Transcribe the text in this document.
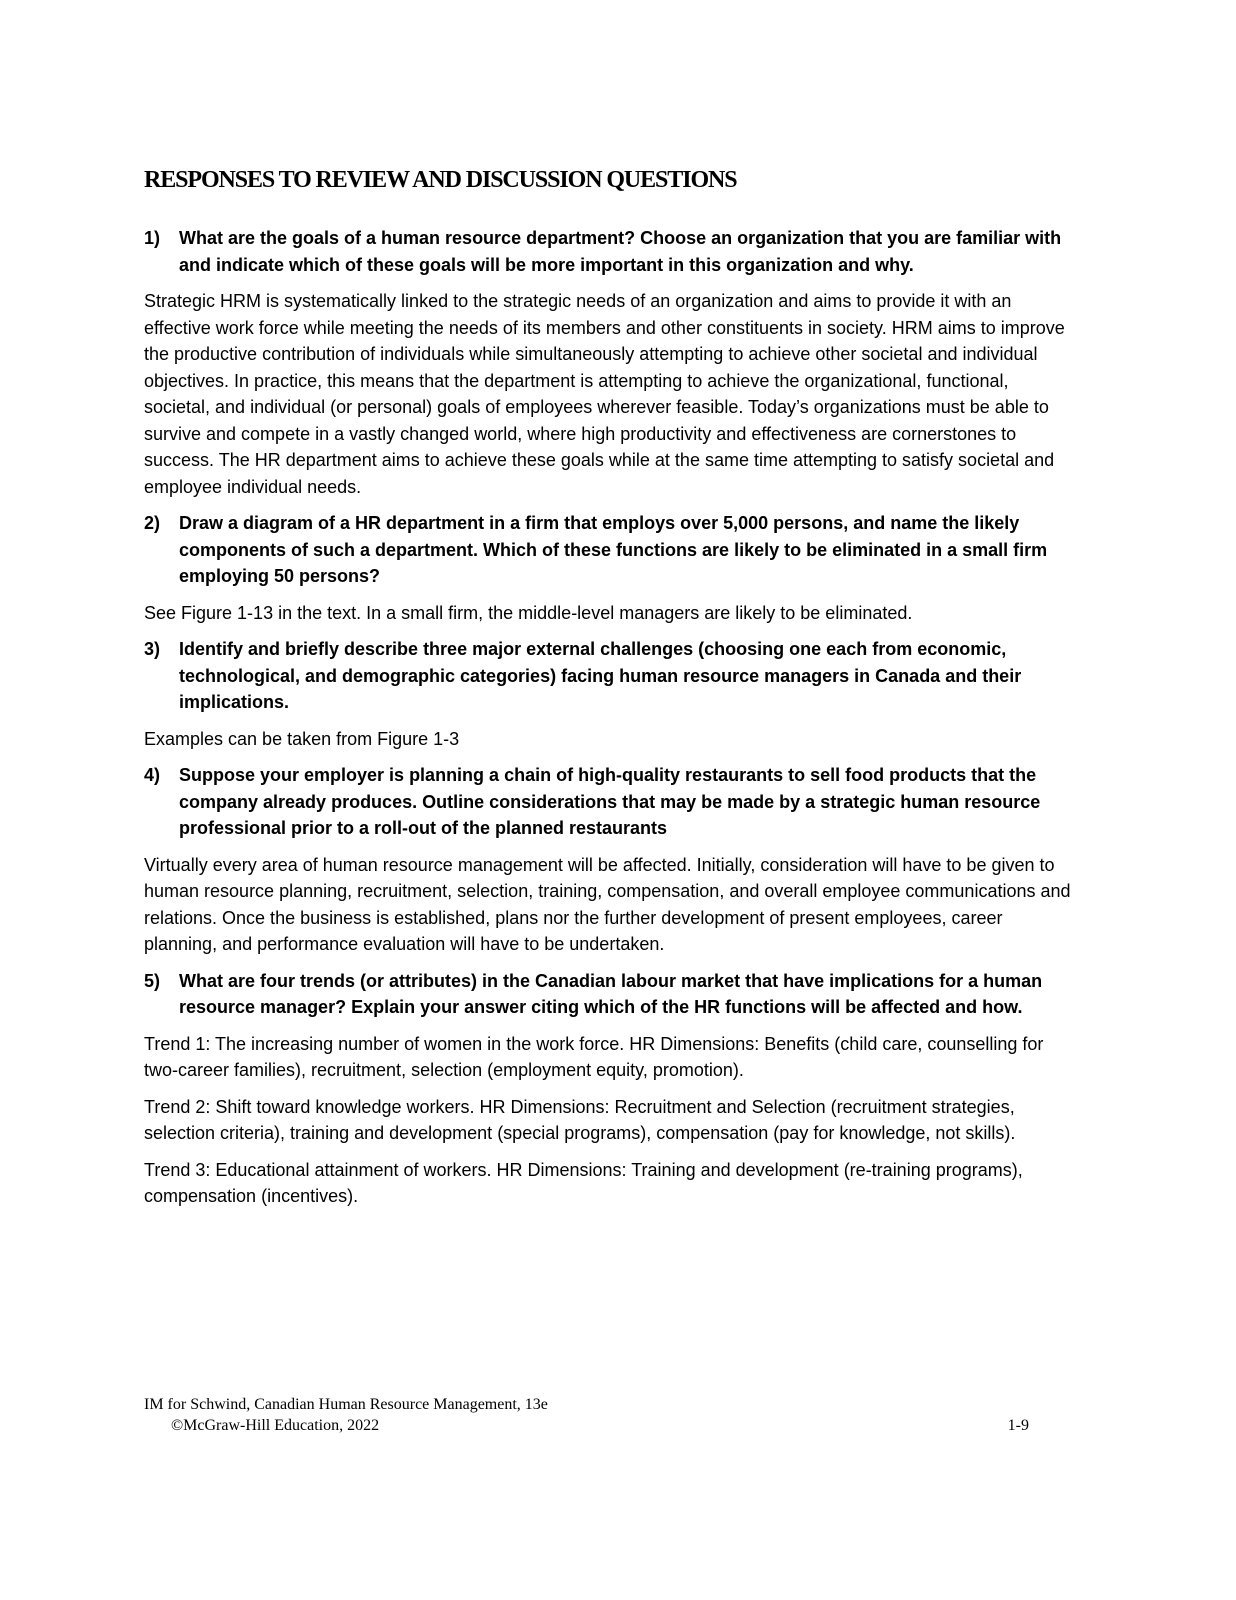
RESPONSES TO REVIEW AND DISCUSSION QUESTIONS
1)	What are the goals of a human resource department? Choose an organization that you are familiar with and indicate which of these goals will be more important in this organization and why.

Strategic HRM is systematically linked to the strategic needs of an organization and aims to provide it with an effective work force while meeting the needs of its members and other constituents in society. HRM aims to improve the productive contribution of individuals while simultaneously attempting to achieve other societal and individual objectives. In practice, this means that the department is attempting to achieve the organizational, functional, societal, and individual (or personal) goals of employees wherever feasible. Today’s organizations must be able to survive and compete in a vastly changed world, where high productivity and effectiveness are cornerstones to success. The HR department aims to achieve these goals while at the same time attempting to satisfy societal and employee individual needs.

2)	Draw a diagram of a HR department in a firm that employs over 5,000 persons, and name the likely components of such a department. Which of these functions are likely to be eliminated in a small firm employing 50 persons?

See Figure 1-13 in the text. In a small firm, the middle-level managers are likely to be eliminated.

3)	Identify and briefly describe three major external challenges (choosing one each from economic, technological, and demographic categories) facing human resource managers in Canada and their implications.

Examples can be taken from Figure 1-3

4)	Suppose your employer is planning a chain of high-quality restaurants to sell food products that the company already produces. Outline considerations that may be made by a strategic human resource professional prior to a roll-out of the planned restaurants

Virtually every area of human resource management will be affected. Initially, consideration will have to be given to human resource planning, recruitment, selection, training, compensation, and overall employee communications and relations. Once the business is established, plans nor the further development of present employees, career planning, and performance evaluation will have to be undertaken.

5)	What are four trends (or attributes) in the Canadian labour market that have implications for a human resource manager? Explain your answer citing which of the HR functions will be affected and how.

Trend 1: The increasing number of women in the work force. HR Dimensions: Benefits (child care, counselling for two-career families), recruitment, selection (employment equity, promotion).

Trend 2: Shift toward knowledge workers. HR Dimensions: Recruitment and Selection (recruitment strategies, selection criteria), training and development (special programs), compensation (pay for knowledge, not skills).

Trend 3: Educational attainment of workers. HR Dimensions: Training and development (re-training programs), compensation (incentives).

IM for Schwind, Canadian Human Resource Management, 13e
©McGraw-Hill Education, 2022	1-9
